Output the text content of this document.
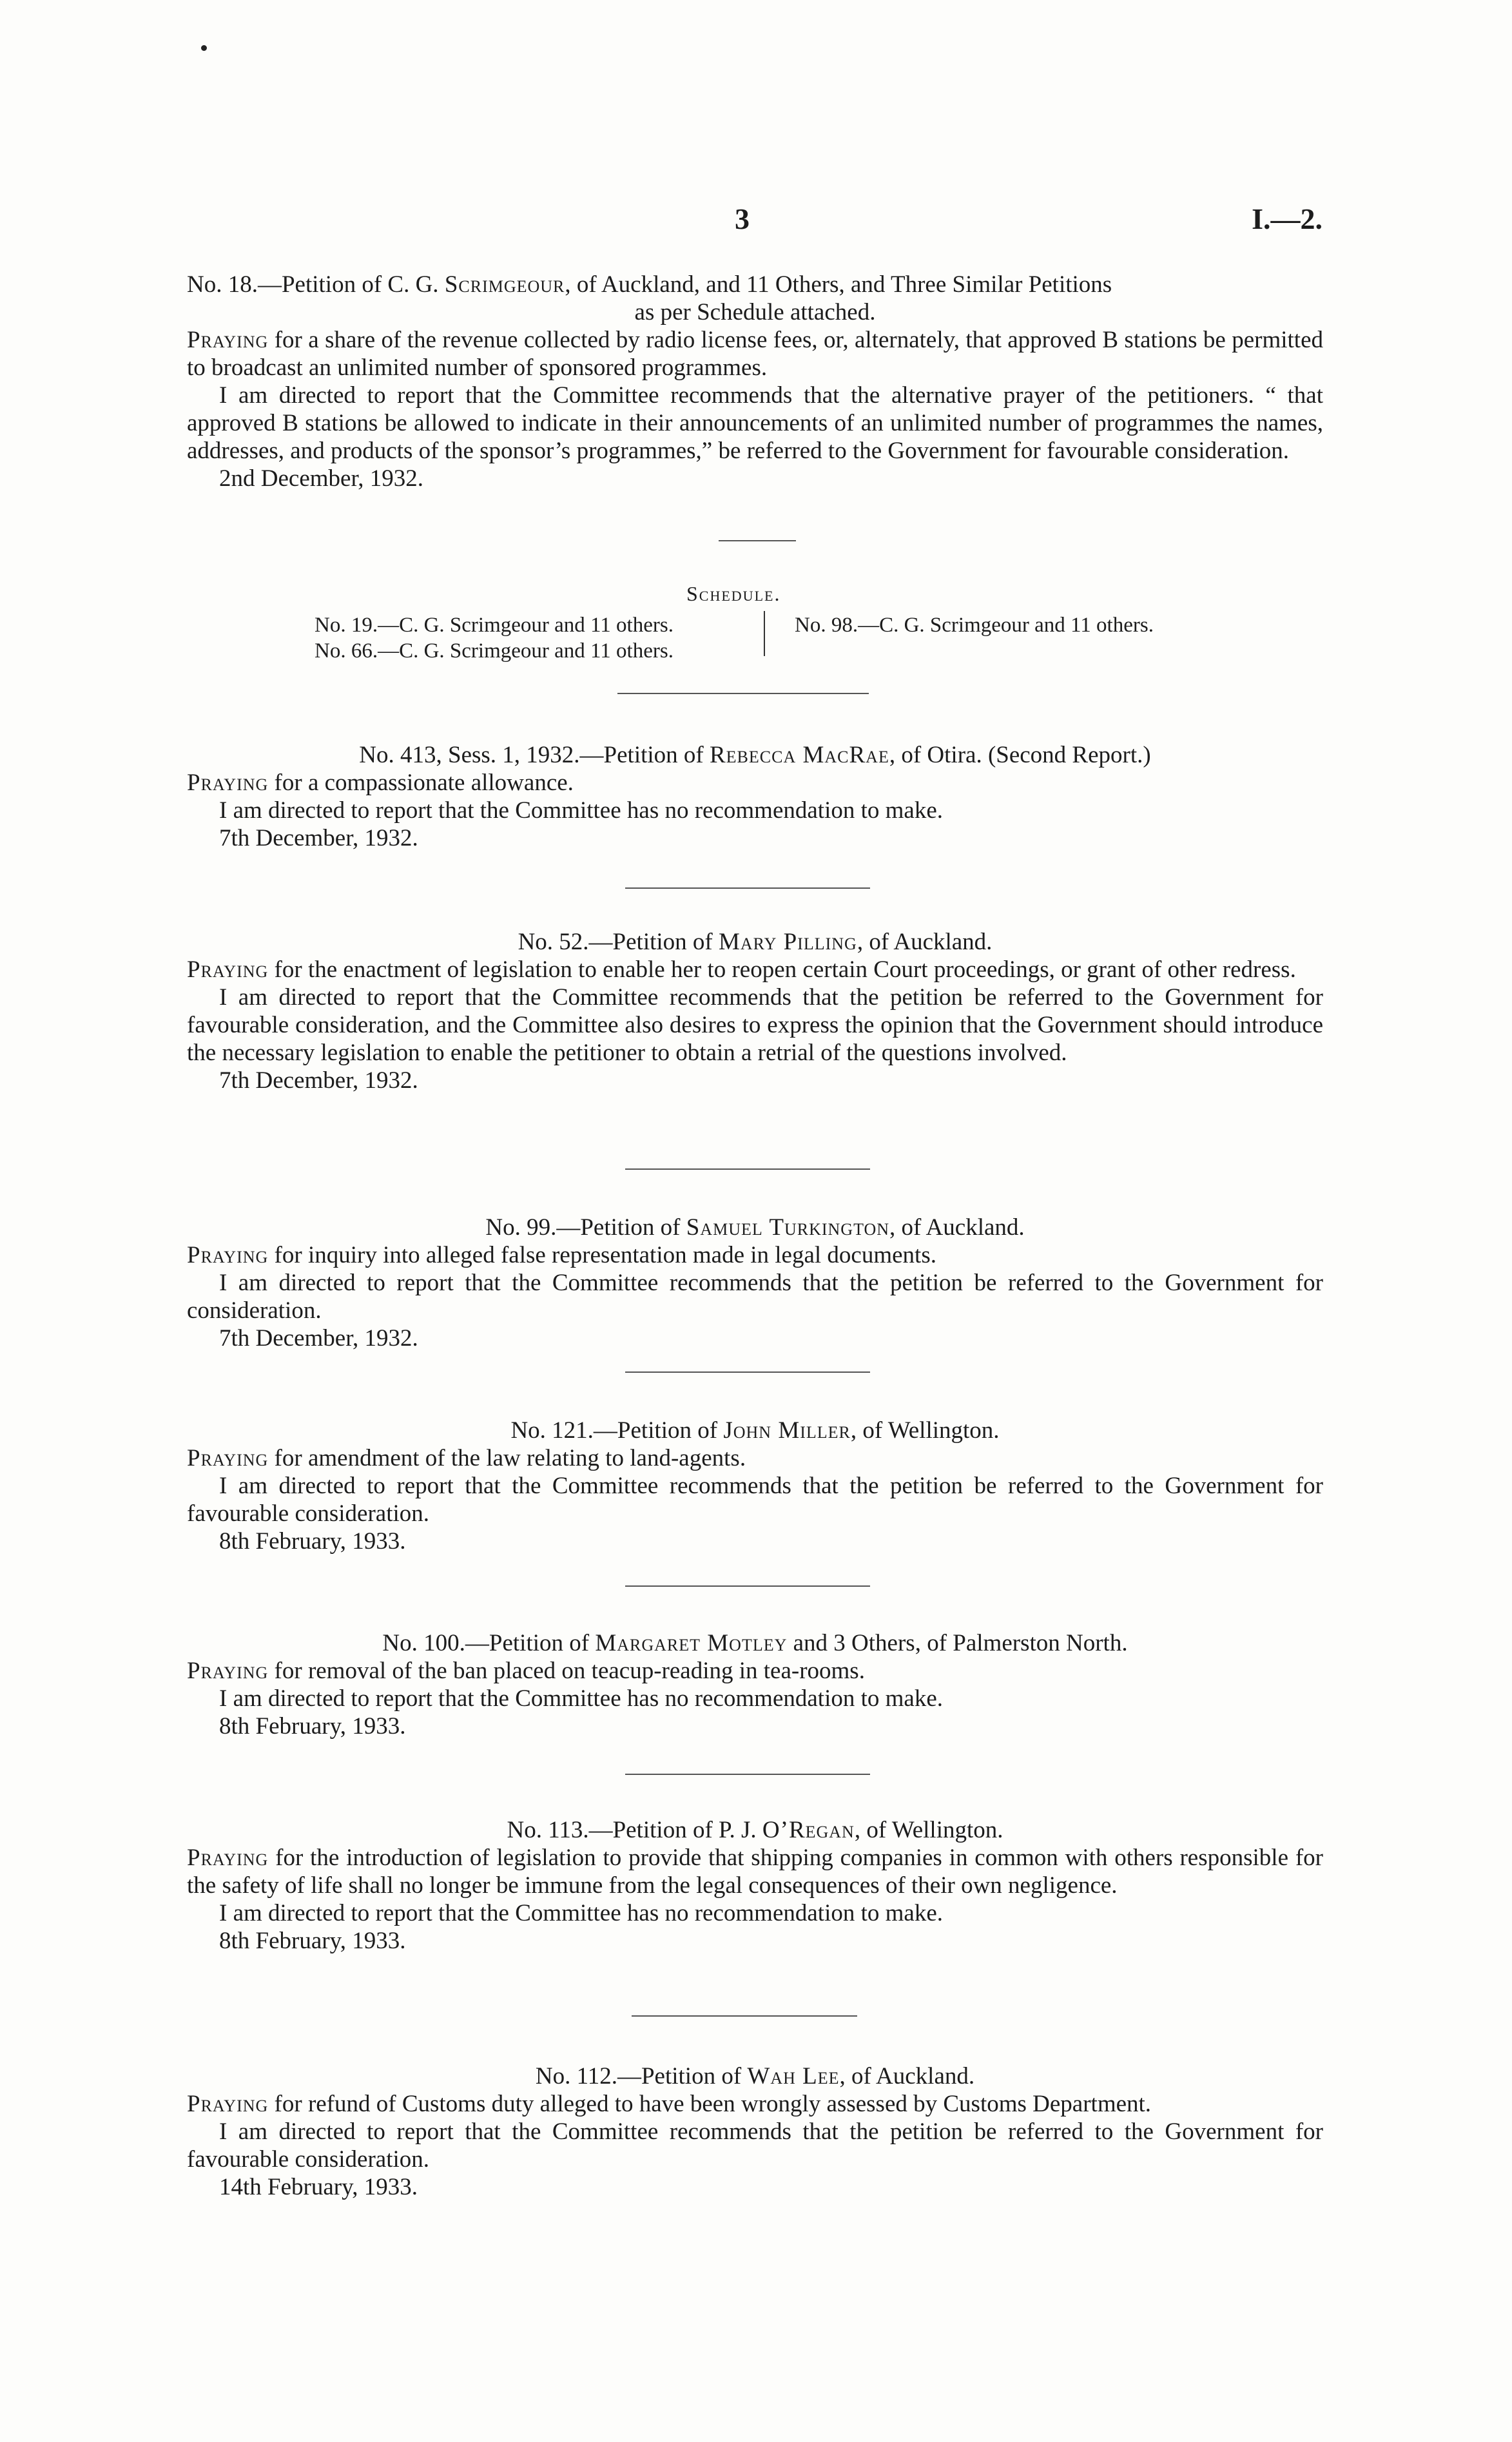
3	I.—2.

No. 18.—Petition of C. G. Scrimgeour, of Auckland, and 11 Others, and Three Similar Petitions

as per Schedule attached.

Praying for a share of the revenue collected by radio license fees, or, alternately, that approved B stations be permitted to broadcast an unlimited number of sponsored programmes.

I am directed to report that the Committee recommends that the alternative prayer of the petitioners. “ that approved B stations be allowed to indicate in their announcements of an unlimited number of programmes the names, addresses, and products of the sponsor’s programmes,” be referred to the Government for favourable consideration.

2nd December, 1932.

Schedule.
No. 19.—C. G. Scrimgeour and 11 others.
No. 66.—C. G. Scrimgeour and 11 others.
No. 98.—C. G. Scrimgeour and 11 others.

No. 413, Sess. 1, 1932.—Petition of Rebecca MacRae, of Otira. (Second Report.)

Praying for a compassionate allowance.

I am directed to report that the Committee has no recommendation to make.

7th December, 1932.

No. 52.—Petition of Mary Pilling, of Auckland.

Praying for the enactment of legislation to enable her to reopen certain Court proceedings, or grant of other redress.

I am directed to report that the Committee recommends that the petition be referred to the Government for favourable consideration, and the Committee also desires to express the opinion that the Government should introduce the necessary legislation to enable the petitioner to obtain a retrial of the questions involved.

7th December, 1932.

No. 99.—Petition of Samuel Turkington, of Auckland.

Praying for inquiry into alleged false representation made in legal documents.

I am directed to report that the Committee recommends that the petition be referred to the Government for consideration.

7th December, 1932.

No. 121.—Petition of John Miller, of Wellington.

Praying for amendment of the law relating to land-agents.

I am directed to report that the Committee recommends that the petition be referred to the Government for favourable consideration.

8th February, 1933.

No. 100.—Petition of Margaret Motley and 3 Others, of Palmerston North.

Praying for removal of the ban placed on teacup-reading in tea-rooms.

I am directed to report that the Committee has no recommendation to make.

8th February, 1933.

No. 113.—Petition of P. J. O’Regan, of Wellington.

Praying for the introduction of legislation to provide that shipping companies in common with others responsible for the safety of life shall no longer be immune from the legal consequences of their own negligence.

I am directed to report that the Committee has no recommendation to make.

8th February, 1933.

No. 112.—Petition of Wah Lee, of Auckland.

Praying for refund of Customs duty alleged to have been wrongly assessed by Customs Department.

I am directed to report that the Committee recommends that the petition be referred to the Government for favourable consideration.

14th February, 1933.
